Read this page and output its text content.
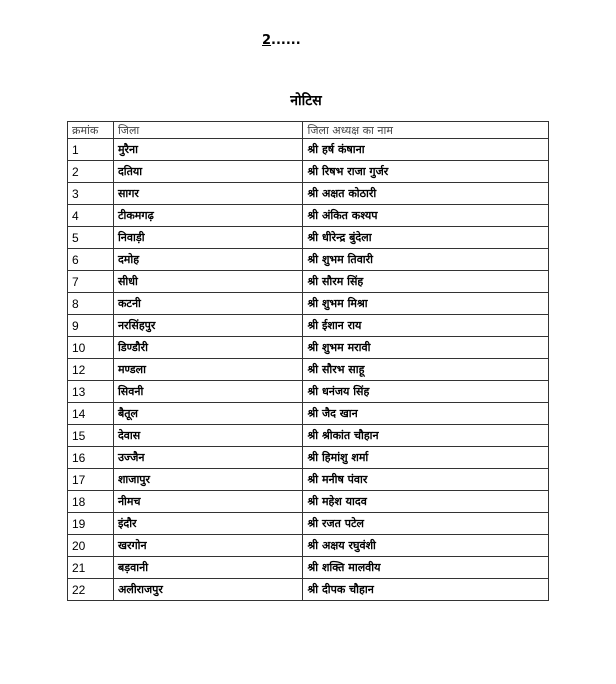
2......
नोटिस
क्रमांक	जिला	जिला अध्यक्ष का नाम
1	मुरैना	श्री हर्ष कंषाना
2	दतिया	श्री रिषभ राजा गुर्जर
3	सागर	श्री अक्षत कोठारी
4	टीकमगढ़	श्री अंकित कश्यप
5	निवाड़ी	श्री धीरेन्द्र बुंदेला
6	दमोह	श्री शुभम तिवारी
7	सीधी	श्री सौरम सिंह
8	कटनी	श्री शुभम मिश्रा
9	नरसिंहपुर	श्री ईशान राय
10	डिण्डौरी	श्री शुभम मरावी
12	मण्डला	श्री सौरभ साहू
13	सिवनी	श्री धनंजय सिंह
14	बैतूल	श्री जैद खान
15	देवास	श्री श्रीकांत चौहान
16	उज्जैन	श्री हिमांशु शर्मा
17	शाजापुर	श्री मनीष पंवार
18	नीमच	श्री महेश यादव
19	इंदौर	श्री रजत पटेल
20	खरगोन	श्री अक्षय रघुवंशी
21	बड़वानी	श्री शक्ति मालवीय
22	अलीराजपुर	श्री दीपक चौहान
